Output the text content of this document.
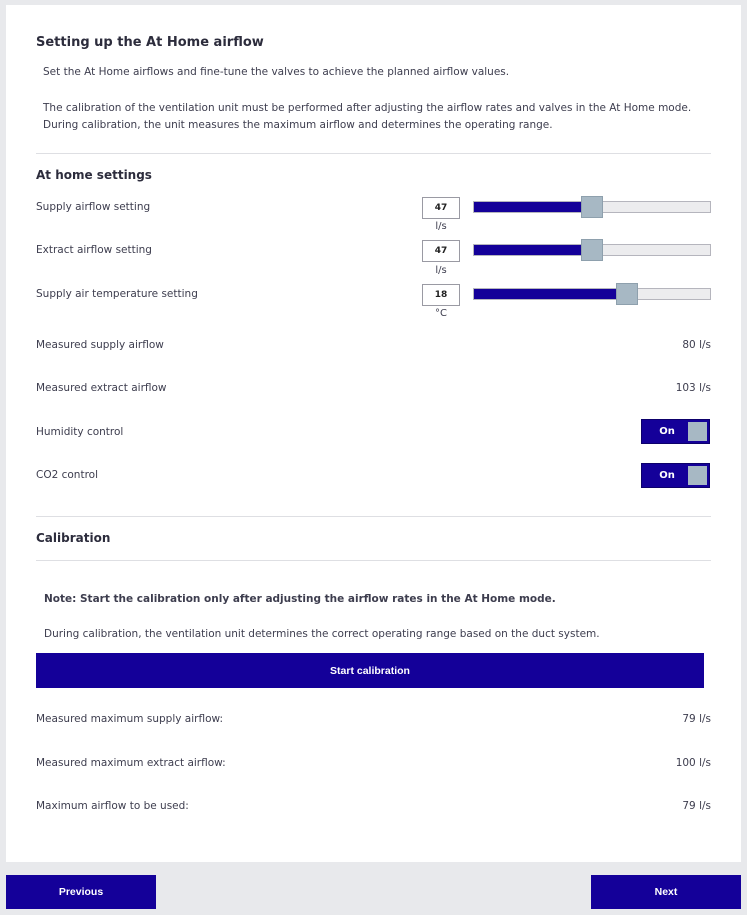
Setting up the At Home airflow
Set the At Home airflows and fine-tune the valves to achieve the planned airflow values.
The calibration of the ventilation unit must be performed after adjusting the airflow rates and valves in the At Home mode. During calibration, the unit measures the maximum airflow and determines the operating range.
At home settings
Supply airflow setting	47
l/s
Extract airflow setting	47
l/s
Supply air temperature setting	18
°C
Measured supply airflow	80 l/s
Measured extract airflow	103 l/s
Humidity control	On
CO2 control	On
Calibration
Note: Start the calibration only after adjusting the airflow rates in the At Home mode.
During calibration, the ventilation unit determines the correct operating range based on the duct system.
Start calibration
Measured maximum supply airflow:	79 l/s
Measured maximum extract airflow:	100 l/s
Maximum airflow to be used:	79 l/s
Previous	Next
